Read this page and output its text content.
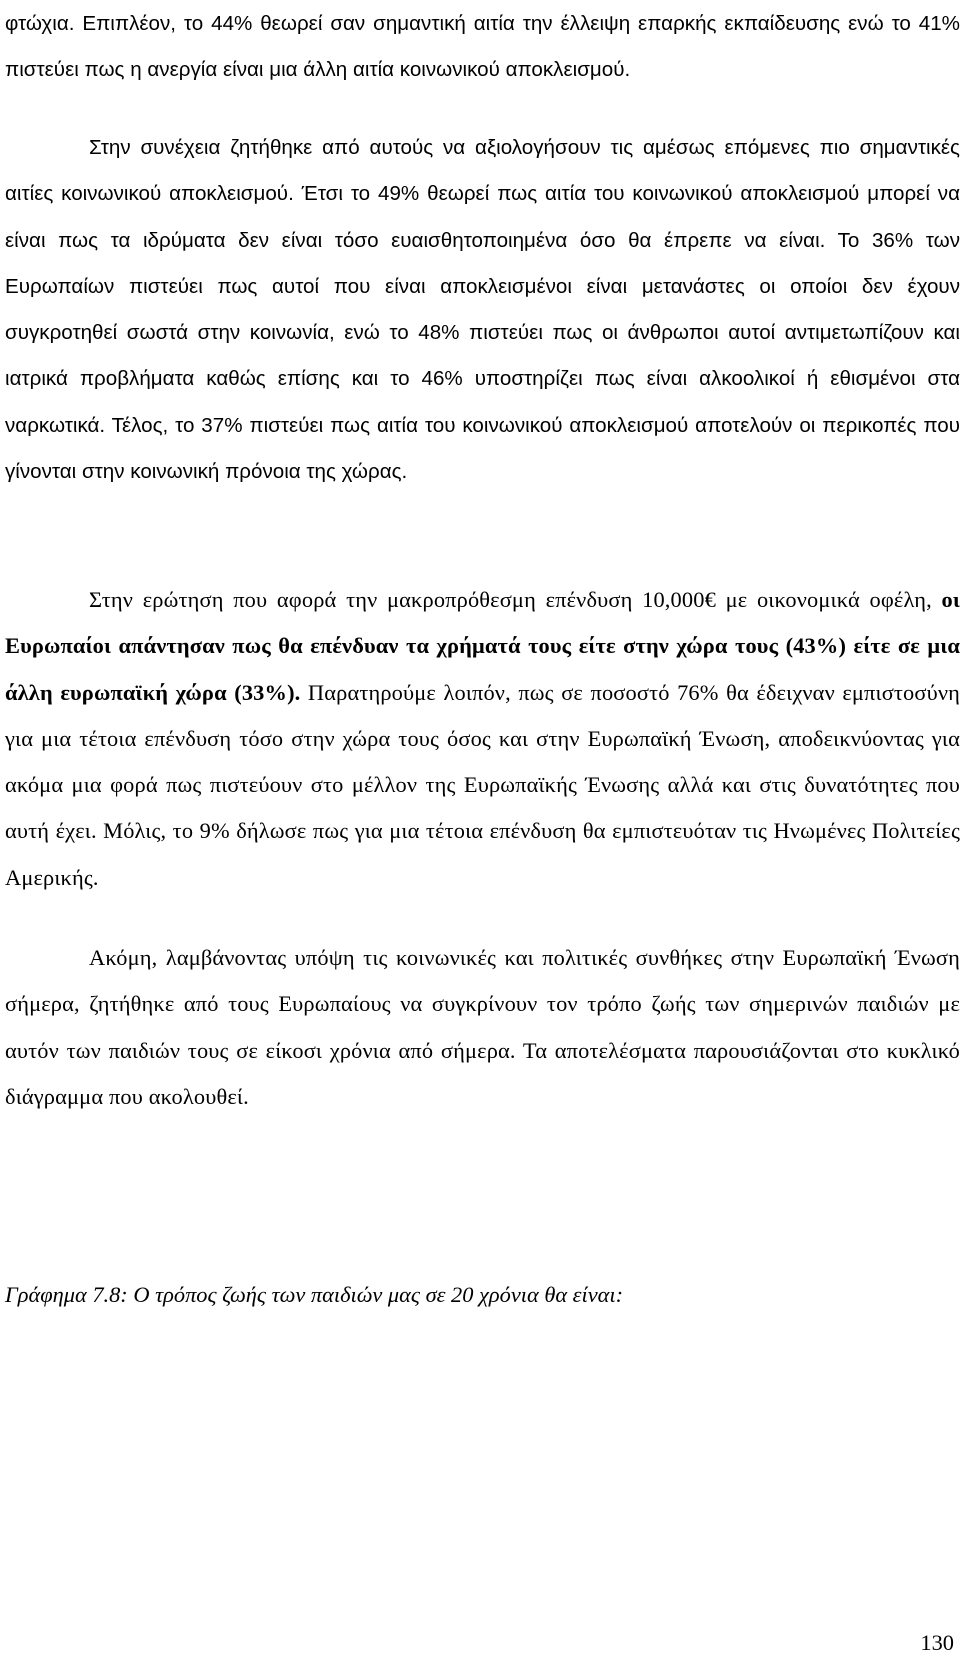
φτώχια. Επιπλέον, το 44% θεωρεί σαν σημαντική αιτία την έλλειψη επαρκής εκπαίδευσης ενώ το 41% πιστεύει πως η ανεργία είναι μια άλλη αιτία κοινωνικού αποκλεισμού.

Στην συνέχεια ζητήθηκε από αυτούς να αξιολογήσουν τις αμέσως επόμενες πιο σημαντικές αιτίες κοινωνικού αποκλεισμού. Έτσι το 49% θεωρεί πως αιτία του κοινωνικού αποκλεισμού μπορεί να είναι πως τα ιδρύματα δεν είναι τόσο ευαισθητοποιημένα όσο θα έπρεπε να είναι. Το 36% των Ευρωπαίων πιστεύει πως αυτοί που είναι αποκλεισμένοι είναι μετανάστες οι οποίοι δεν έχουν συγκροτηθεί σωστά στην κοινωνία, ενώ το 48% πιστεύει πως οι άνθρωποι αυτοί αντιμετωπίζουν και ιατρικά προβλήματα καθώς επίσης και το 46% υποστηρίζει πως είναι αλκοολικοί ή εθισμένοι στα ναρκωτικά. Τέλος, το 37% πιστεύει πως αιτία του κοινωνικού αποκλεισμού αποτελούν οι περικοπές που γίνονται στην κοινωνική πρόνοια της χώρας.

Στην ερώτηση που αφορά την μακροπρόθεσμη επένδυση 10,000€ με οικονομικά οφέλη, οι Ευρωπαίοι απάντησαν πως θα επένδυαν τα χρήματά τους είτε στην χώρα τους (43%) είτε σε μια άλλη ευρωπαϊκή χώρα (33%). Παρατηρούμε λοιπόν, πως σε ποσοστό 76% θα έδειχναν εμπιστοσύνη για μια τέτοια επένδυση τόσο στην χώρα τους όσος και στην Ευρωπαϊκή Ένωση, αποδεικνύοντας για ακόμα μια φορά πως πιστεύουν στο μέλλον της Ευρωπαϊκής Ένωσης αλλά και στις δυνατότητες που αυτή έχει. Μόλις, το 9% δήλωσε πως για μια τέτοια επένδυση θα εμπιστευόταν τις Ηνωμένες Πολιτείες Αμερικής.

Ακόμη, λαμβάνοντας υπόψη τις κοινωνικές και πολιτικές συνθήκες στην Ευρωπαϊκή Ένωση σήμερα, ζητήθηκε από τους Ευρωπαίους να συγκρίνουν τον τρόπο ζωής των σημερινών παιδιών με αυτόν των παιδιών τους σε είκοσι χρόνια από σήμερα. Τα αποτελέσματα παρουσιάζονται στο κυκλικό διάγραμμα που ακολουθεί.

Γράφημα 7.8: Ο τρόπος ζωής των παιδιών μας σε 20 χρόνια θα είναι:

130
